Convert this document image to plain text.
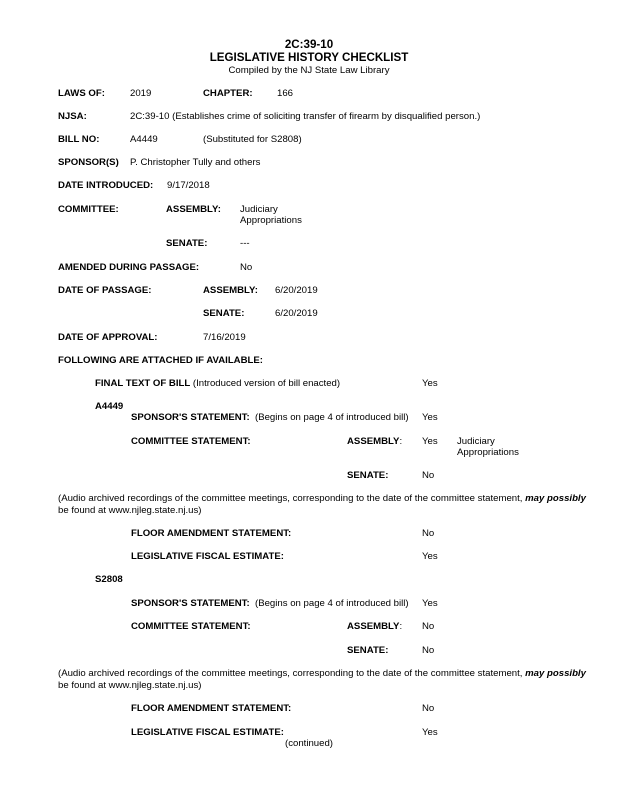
2C:39-10
LEGISLATIVE HISTORY CHECKLIST
Compiled by the NJ State Law Library
LAWS OF:	2019	CHAPTER:	166
NJSA:	2C:39-10 (Establishes crime of soliciting transfer of firearm by disqualified person.)
BILL NO:	A4449	(Substituted for S2808)
SPONSOR(S) P. Christopher Tully and others
DATE INTRODUCED: 9/17/2018
COMMITTEE:	ASSEMBLY: Judiciary
Appropriations
SENATE:	---
AMENDED DURING PASSAGE:	No
DATE OF PASSAGE:	ASSEMBLY: 6/20/2019
SENATE:	6/20/2019
DATE OF APPROVAL:	7/16/2019
FOLLOWING ARE ATTACHED IF AVAILABLE:
FINAL TEXT OF BILL (Introduced version of bill enacted)	Yes
A4449
SPONSOR'S STATEMENT: (Begins on page 4 of introduced bill) Yes
COMMITTEE STATEMENT:	ASSEMBLY: Yes Judiciary
Appropriations
SENATE:	No
(Audio archived recordings of the committee meetings, corresponding to the date of the committee statement, may possibly
be found at www.njleg.state.nj.us)
FLOOR AMENDMENT STATEMENT:	No
LEGISLATIVE FISCAL ESTIMATE:	Yes
S2808
SPONSOR'S STATEMENT: (Begins on page 4 of introduced bill) Yes
COMMITTEE STATEMENT:	ASSEMBLY: No
SENATE:	No
(Audio archived recordings of the committee meetings, corresponding to the date of the committee statement, may possibly
be found at www.njleg.state.nj.us)
FLOOR AMENDMENT STATEMENT:	No
LEGISLATIVE FISCAL ESTIMATE:	Yes
(continued)
